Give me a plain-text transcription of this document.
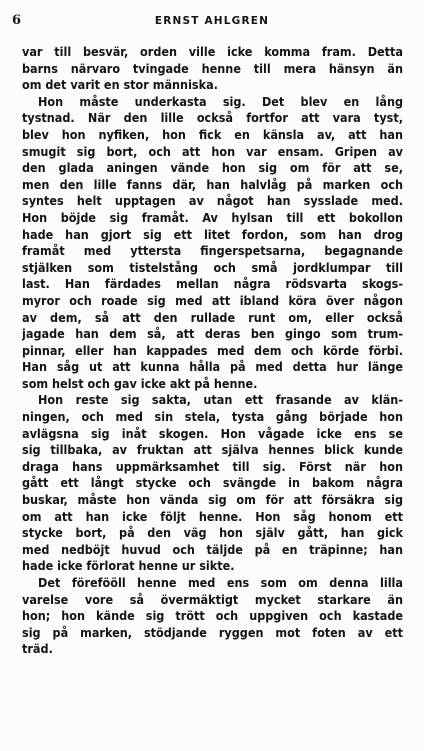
6	ERNST AHLGREN
var till besvär, orden ville icke komma fram. Detta
barns närvaro tvingade henne till mera hänsyn än
om det varit en stor människa.
Hon måste underkasta sig. Det blev en lång
tystnad. När den lille också fortfor att vara tyst,
blev hon nyfiken, hon fick en känsla av, att han
smugit sig bort, och att hon var ensam. Gripen av
den glada aningen vände hon sig om för att se,
men den lille fanns där, han halvlåg på marken och
syntes helt upptagen av något han sysslade med.
Hon böjde sig framåt. Av hylsan till ett bokollon
hade han gjort sig ett litet fordon, som han drog
framåt med yttersta fingerspetsarna, begagnande
stjälken som tistelstång och små jordklumpar till
last. Han färdades mellan några rödsvarta skogs-
myror och roade sig med att ibland köra över någon
av dem, så att den rullade runt om, eller också
jagade han dem så, att deras ben gingo som trum-
pinnar, eller han kappades med dem och körde förbi.
Han såg ut att kunna hålla på med detta hur länge
som helst och gav icke akt på henne.
Hon reste sig sakta, utan ett frasande av klän-
ningen, och med sin stela, tysta gång började hon
avlägsna sig inåt skogen. Hon vågade icke ens se
sig tillbaka, av fruktan att själva hennes blick kunde
draga hans uppmärksamhet till sig. Först när hon
gått ett långt stycke och svängde in bakom några
buskar, måste hon vända sig om för att försäkra sig
om att han icke följt henne. Hon såg honom ett
stycke bort, på den väg hon själv gått, han gick
med nedböjt huvud och täljde på en träpinne; han
hade icke förlorat henne ur sikte.
Det förefööll henne med ens som om denna lilla
varelse vore så övermäktigt mycket starkare än
hon; hon kände sig trött och uppgiven och kastade
sig på marken, stödjande ryggen mot foten av ett
träd.
